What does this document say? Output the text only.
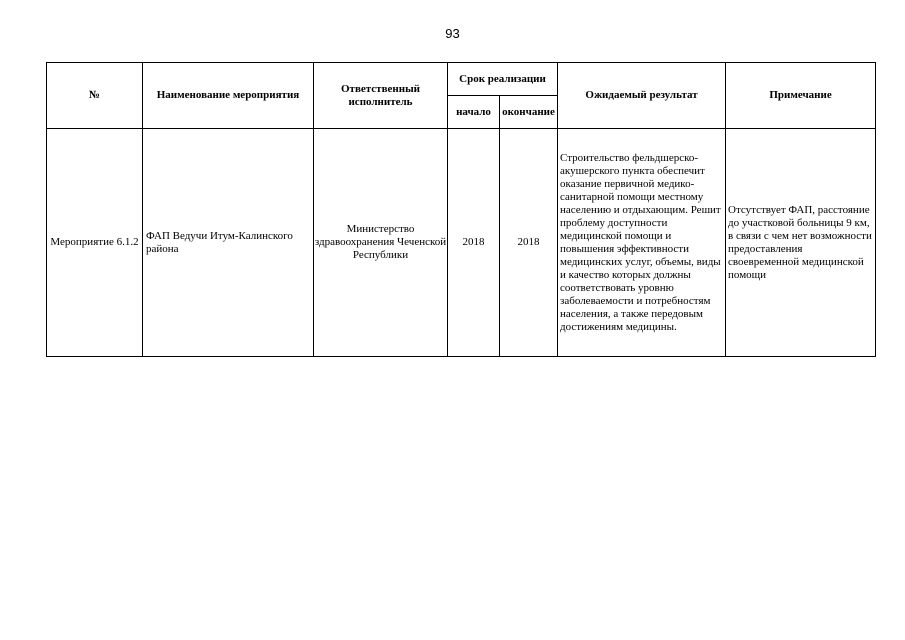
93
№	Наименование мероприятия	Ответственный исполнитель	Срок реализации		Ожидаемый результат	Примечание
			начало	окончание		
Мероприятие 6.1.2	ФАП Ведучи Итум-Калинского района	Министерство здравоохранения Чеченской Республики	2018	2018	Строительство фельдшерско-акушерского пункта обеспечит оказание первичной медико-санитарной помощи местному населению и отдыхающим. Решит проблему доступности медицинской помощи и повышения эффективности медицинских услуг, объемы, виды и качество которых должны соответствовать уровню заболеваемости и потребностям населения, а также передовым достижениям медицины.	Отсутствует ФАП, расстояние до участковой больницы 9 км, в связи с чем нет возможности предоставления своевременной медицинской помощи
